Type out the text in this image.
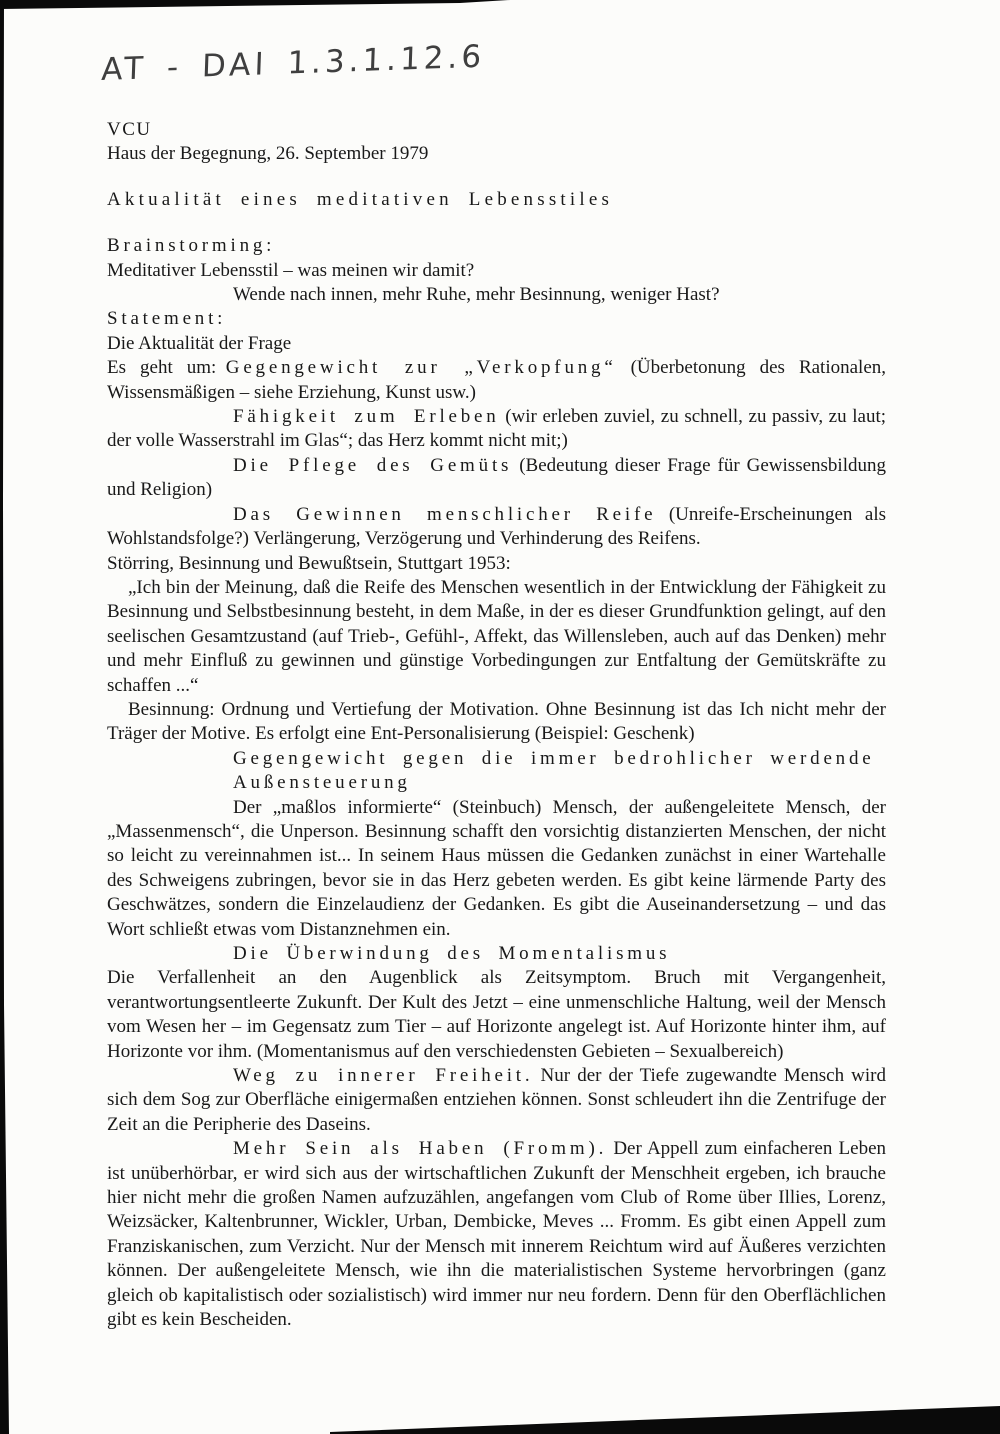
AT - DAI 1.3.1.12.6

VCU

Haus der Begegnung, 26. September 1979

Aktualität eines meditativen Lebensstiles

Brainstorming:

Meditativer Lebensstil – was meinen wir damit?

Wende nach innen, mehr Ruhe, mehr Besinnung, weniger Hast?

Statement:

Die Aktualität der Frage

Es geht um: Gegengewicht zur „Verkopfung“ (Überbetonung des Rationalen, Wissensmäßigen – siehe Erziehung, Kunst usw.)

Fähigkeit zum Erleben (wir erleben zuviel, zu schnell, zu passiv, zu laut; der volle Wasserstrahl im Glas“; das Herz kommt nicht mit;)

Die Pflege des Gemüts (Bedeutung dieser Frage für Gewissensbildung und Religion)

Das Gewinnen menschlicher Reife (Unreife-Erscheinungen als Wohlstandsfolge?) Verlängerung, Verzögerung und Verhinderung des Reifens.

Störring, Besinnung und Bewußtsein, Stuttgart 1953:

„Ich bin der Meinung, daß die Reife des Menschen wesentlich in der Entwicklung der Fähigkeit zu Besinnung und Selbstbesinnung besteht, in dem Maße, in der es dieser Grundfunktion gelingt, auf den seelischen Gesamtzustand (auf Trieb-, Gefühl-, Affekt, das Willensleben, auch auf das Denken) mehr und mehr Einfluß zu gewinnen und günstige Vorbedingungen zur Entfaltung der Gemütskräfte zu schaffen ...“

Besinnung: Ordnung und Vertiefung der Motivation. Ohne Besinnung ist das Ich nicht mehr der Träger der Motive. Es erfolgt eine Ent-Personalisierung (Beispiel: Geschenk)

Gegengewicht gegen die immer bedrohlicher werdende

Außensteuerung

Der „maßlos informierte“ (Steinbuch) Mensch, der außengeleitete Mensch, der „Massenmensch“, die Unperson. Besinnung schafft den vorsichtig distanzierten Menschen, der nicht so leicht zu vereinnahmen ist... In seinem Haus müssen die Gedanken zunächst in einer Wartehalle des Schweigens zubringen, bevor sie in das Herz gebeten werden. Es gibt keine lärmende Party des Geschwätzes, sondern die Einzelaudienz der Gedanken. Es gibt die Auseinandersetzung – und das Wort schließt etwas vom Distanznehmen ein.

Die Überwindung des Momentalismus

Die Verfallenheit an den Augenblick als Zeitsymptom. Bruch mit Vergangenheit, verantwortungsentleerte Zukunft. Der Kult des Jetzt – eine unmenschliche Haltung, weil der Mensch vom Wesen her – im Gegensatz zum Tier – auf Horizonte angelegt ist. Auf Horizonte hinter ihm, auf Horizonte vor ihm. (Momentanismus auf den verschiedensten Gebieten – Sexualbereich)

Weg zu innerer Freiheit. Nur der der Tiefe zugewandte Mensch wird sich dem Sog zur Oberfläche einigermaßen entziehen können. Sonst schleudert ihn die Zentrifuge der Zeit an die Peripherie des Daseins.

Mehr Sein als Haben (Fromm). Der Appell zum einfacheren Leben ist unüberhörbar, er wird sich aus der wirtschaftlichen Zukunft der Menschheit ergeben, ich brauche hier nicht mehr die großen Namen aufzuzählen, angefangen vom Club of Rome über Illies, Lorenz, Weizsäcker, Kaltenbrunner, Wickler, Urban, Dembicke, Meves ... Fromm. Es gibt einen Appell zum Franziskanischen, zum Verzicht. Nur der Mensch mit innerem Reichtum wird auf Äußeres verzichten können. Der außengeleitete Mensch, wie ihn die materialistischen Systeme hervorbringen (ganz gleich ob kapitalistisch oder sozialistisch) wird immer nur neu fordern. Denn für den Oberflächlichen gibt es kein Bescheiden.
